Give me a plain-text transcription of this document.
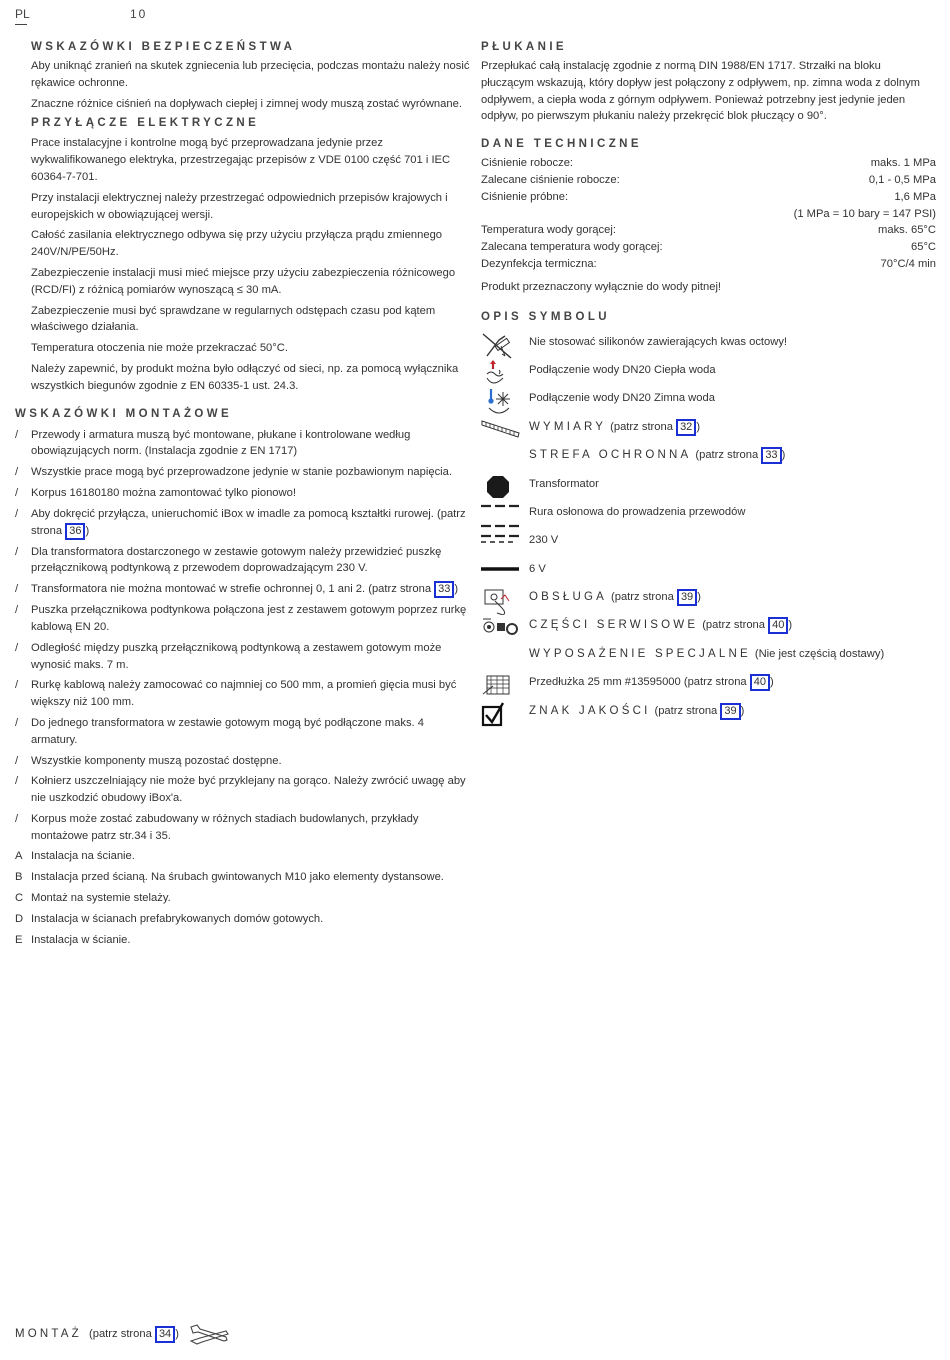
PL	10
WSKAZÓWKI BEZPIECZEŃSTWA

Aby uniknąć zranień na skutek zgniecenia lub przecięcia, podczas montażu należy nosić rękawice ochronne.

Znaczne różnice ciśnień na dopływach ciepłej i zimnej wody muszą zostać wyrównane.

PRZYŁĄCZE ELEKTRYCZNE

Prace instalacyjne i kontrolne mogą być przeprowadzana jedynie przez wykwalifikowanego elektryka, przestrzegając przepisów z VDE 0100 część 701 i IEC 60364-7-701.

Przy instalacji elektrycznej należy przestrzegać odpowiednich przepisów krajowych i europejskich w obowiązującej wersji.

Całość zasilania elektrycznego odbywa się przy użyciu przyłącza prądu zmiennego 240V/N/PE/50Hz.

Zabezpieczenie instalacji musi mieć miejsce przy użyciu zabezpieczenia różnicowego (RCD/FI) z różnicą pomiarów wynoszącą ≤ 30 mA.

Zabezpieczenie musi być sprawdzane w regularnych odstępach czasu pod kątem właściwego działania.

Temperatura otoczenia nie może przekraczać 50°C.

Należy zapewnić, by produkt można było odłączyć od sieci, np. za pomocą wyłącznika wszystkich biegunów zgodnie z EN 60335-1 ust. 24.3.

WSKAZÓWKI MONTAŻOWE
/ Przewody i armatura muszą być montowane, płukane i kontrolowane według obowiązujących norm. (Instalacja zgodnie z EN 1717)
/ Wszystkie prace mogą być przeprowadzone jedynie w stanie pozbawionym napięcia.
/ Korpus 16180180 można zamontować tylko pionowo!
/ Aby dokręcić przyłącza, unieruchomić iBox w imadle za pomocą kształtki rurowej. (patrz strona 36 )
/ Dla transformatora dostarczonego w zestawie gotowym należy przewidzieć puszkę przełącznikową podtynkową z przewodem doprowadzającym 230 V.
/ Transformatora nie można montować w strefie ochronnej 0, 1 ani 2. (patrz strona 33 )
/ Puszka przełącznikowa podtynkowa połączona jest z zestawem gotowym poprzez rurkę kablową EN 20.
/ Odległość między puszką przełącznikową podtynkową a zestawem gotowym może wynosić maks. 7 m.
/ Rurkę kablową należy zamocować co najmniej co 500 mm, a promień gięcia musi być większy niż 100 mm.
/ Do jednego transformatora w zestawie gotowym mogą być podłączone maks. 4 armatury.
/ Wszystkie komponenty muszą pozostać dostępne.
/ Kołnierz uszczelniający nie może być przyklejany na gorąco. Należy zwrócić uwagę aby nie uszkodzić obudowy iBox'a.
/ Korpus może zostać zabudowany w różnych stadiach budowlanych, przykłady montażowe patrz str.34 i 35.
A Instalacja na ścianie.
B Instalacja przed ścianą. Na śrubach gwintowanych M10 jako elementy dystansowe.
C Montaż na systemie stelaży.
D Instalacja w ścianach prefabrykowanych domów gotowych.
E Instalacja w ścianie.
PŁUKANIE

Przepłukać całą instalację zgodnie z normą DIN 1988/EN 1717. Strzałki na bloku płuczącym wskazują, który dopływ jest połączony z odpływem, np. zimna woda z dolnym odpływem, a ciepła woda z górnym odpływem. Ponieważ potrzebny jest jedynie jeden odpływ, po pierwszym płukaniu należy przekręcić blok płuczący o 90°.

DANE TECHNICZNE
Ciśnienie robocze:	maks. 1 MPa
Zalecane ciśnienie robocze:	0,1 - 0,5 MPa
Ciśnienie próbne:	1,6 MPa
(1 MPa = 10 bary = 147 PSI)
Temperatura wody gorącej:	maks. 65°C
Zalecana temperatura wody gorącej:	65°C
Dezynfekcja termiczna:	70°C/4 min

Produkt przeznaczony wyłącznie do wody pitnej!

OPIS SYMBOLU
Nie stosować silikonów zawierających kwas octowy!
Podłączenie wody DN20 Ciepła woda
Podłączenie wody DN20 Zimna woda
WYMIARY (patrz strona 32 )
STREFA OCHRONNA (patrz strona 33 )
Transformator
Rura osłonowa do prowadzenia przewodów
230 V
6 V
OBSŁUGA (patrz strona 39 )
CZĘŚCI SERWISOWE (patrz strona 40 )
WYPOSAŻENIE SPECJALNE (Nie jest częścią dostawy)
Przedłużka 25 mm #13595000 (patrz strona 40 )
ZNAK JAKOŚCI (patrz strona 39 )
MONTAŻ (patrz strona 34 )
